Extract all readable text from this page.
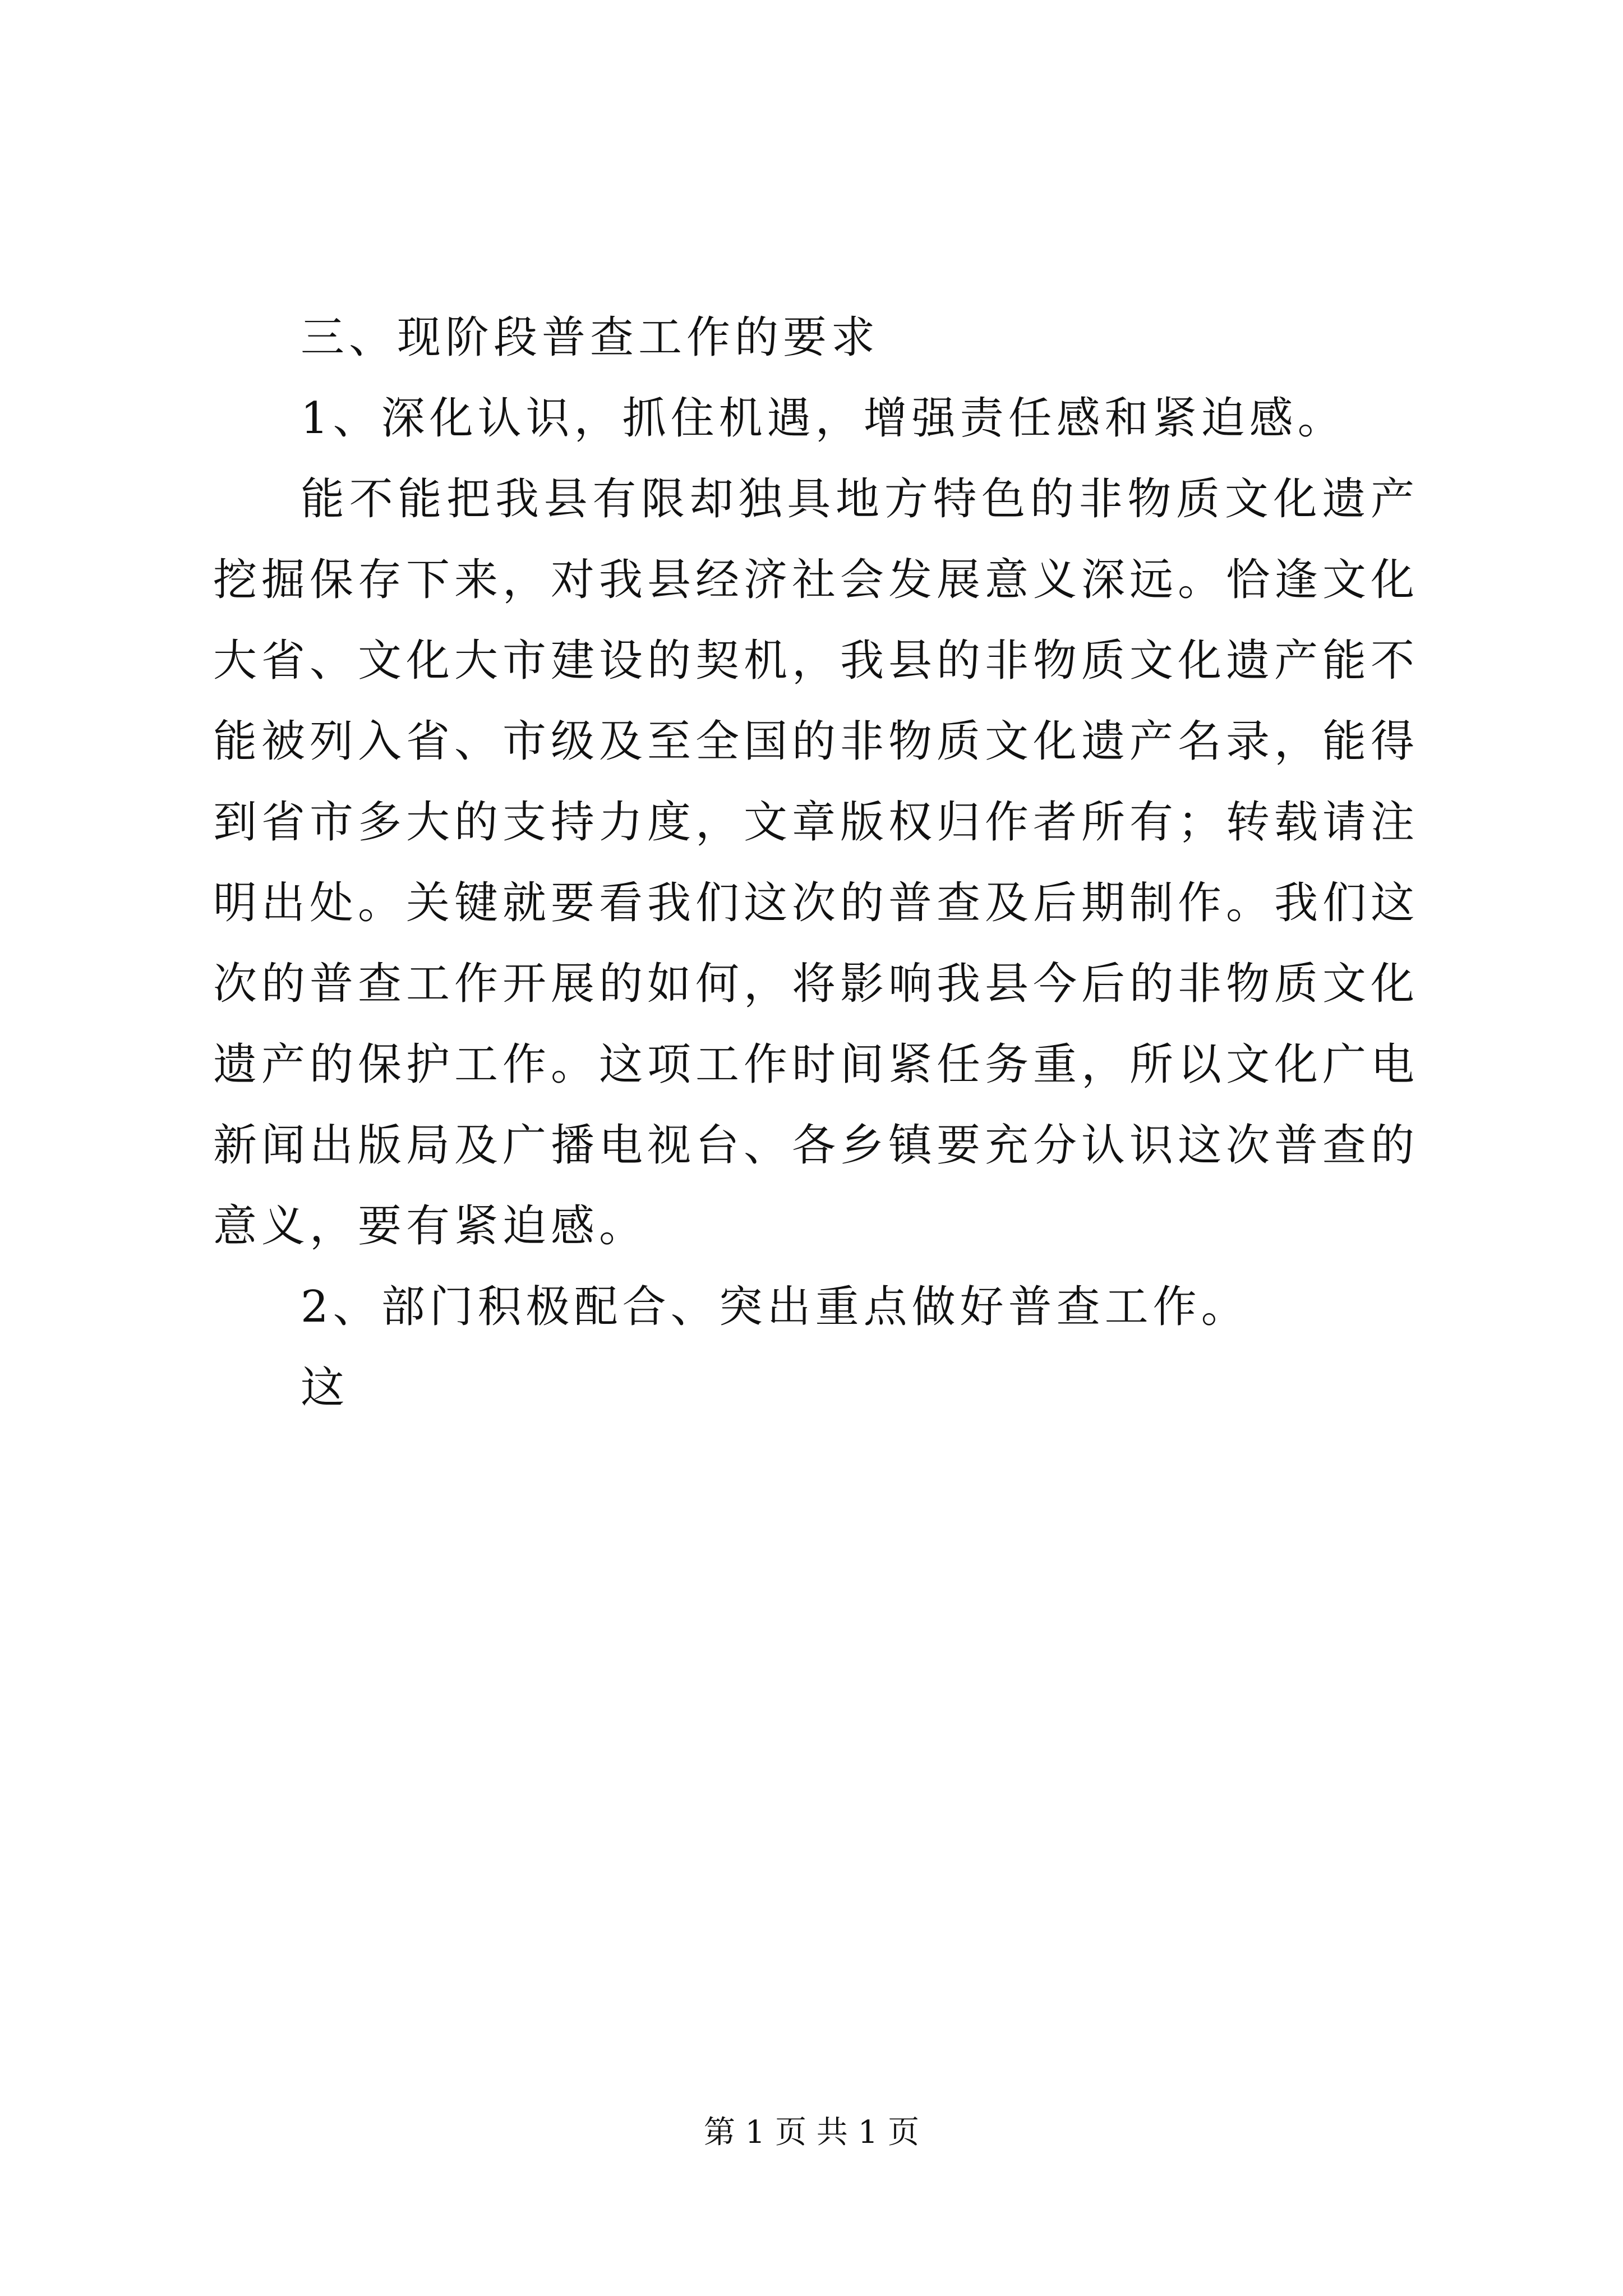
三、现阶段普查工作的要求

1、深化认识，抓住机遇，增强责任感和紧迫感。

能不能把我县有限却独具地方特色的非物质文化遗产挖掘保存下来，对我县经济社会发展意义深远。恰逢文化大省、文化大市建设的契机，我县的非物质文化遗产能不能被列入省、市级及至全国的非物质文化遗产名录，能得到省市多大的支持力度，文章版权归作者所有；转载请注明出处。关键就要看我们这次的普查及后期制作。我们这次的普查工作开展的如何，将影响我县今后的非物质文化遗产的保护工作。这项工作时间紧任务重，所以文化广电新闻出版局及广播电视台、各乡镇要充分认识这次普查的意义，要有紧迫感。

2、部门积极配合、突出重点做好普查工作。

这

第 1 页 共 1 页
